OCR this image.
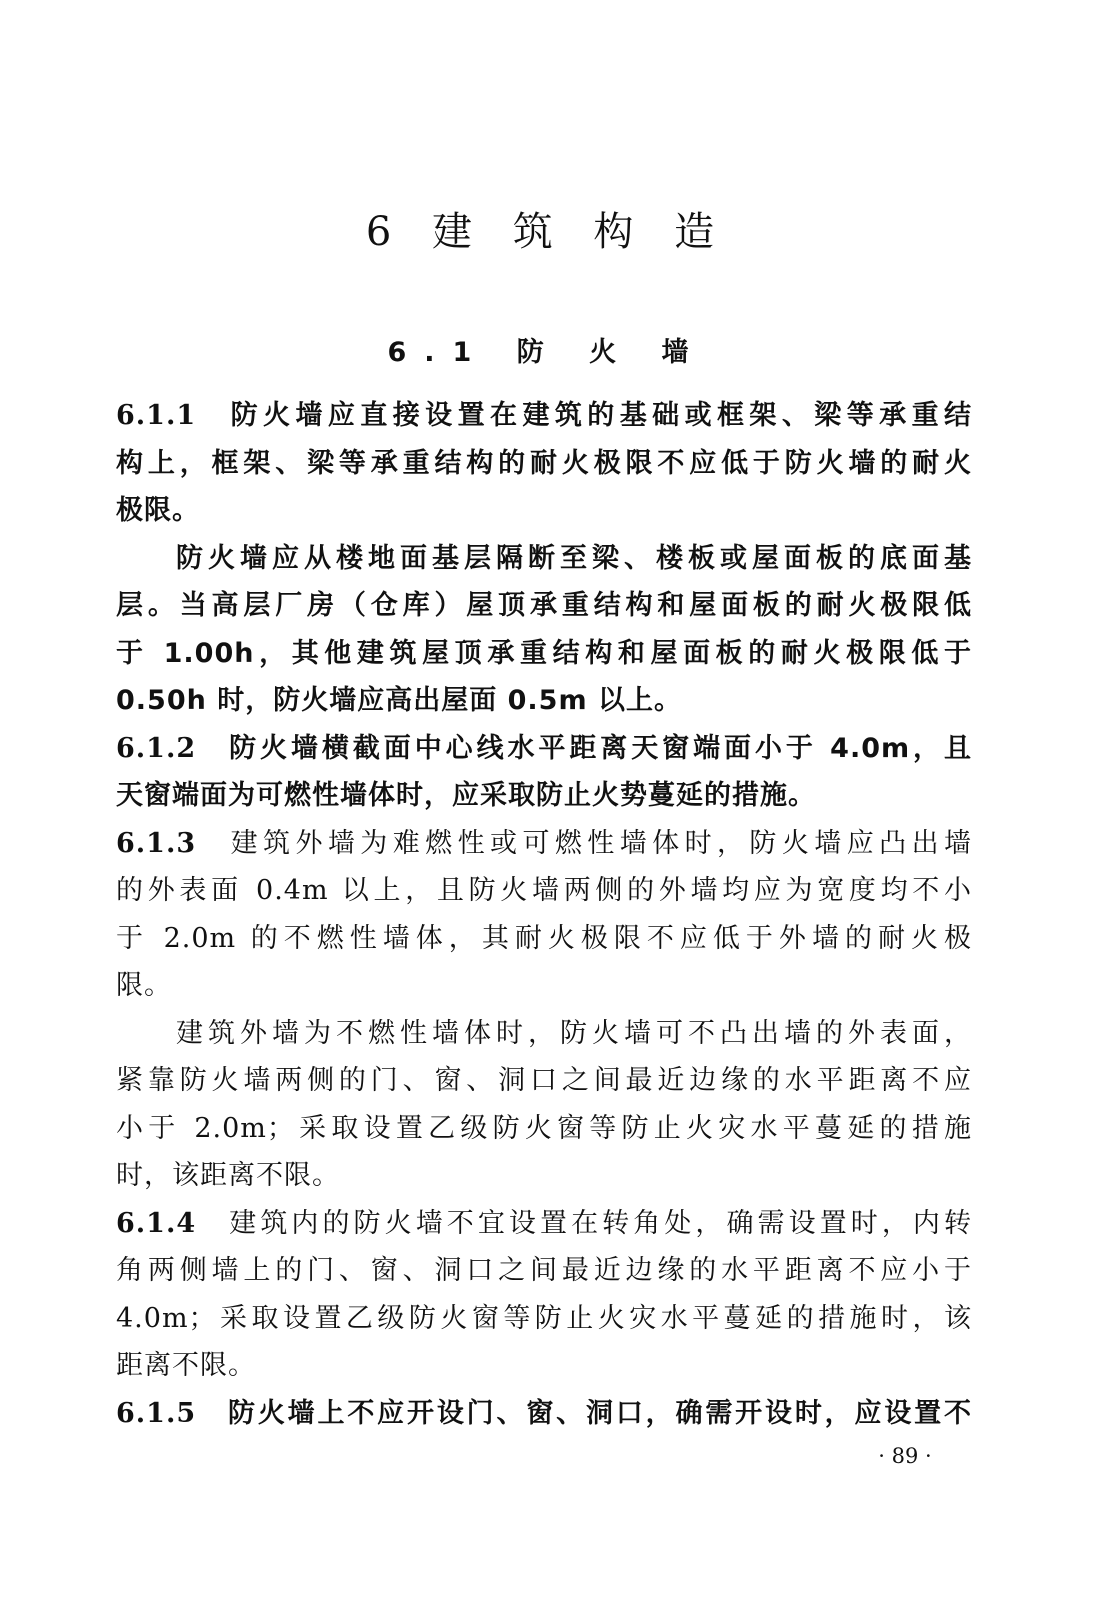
6 建 筑 构 造
6.1 防 火 墙
6.1.1 防火墙应直接设置在建筑的基础或框架、梁等承重结
构上，框架、梁等承重结构的耐火极限不应低于防火墙的耐火
极限。
防火墙应从楼地面基层隔断至梁、楼板或屋面板的底面基
层。当高层厂房（仓库）屋顶承重结构和屋面板的耐火极限低
于 1.00h，其他建筑屋顶承重结构和屋面板的耐火极限低于
0.50h 时，防火墙应高出屋面 0.5m 以上。
6.1.2 防火墙横截面中心线水平距离天窗端面小于 4.0m，且
天窗端面为可燃性墙体时，应采取防止火势蔓延的措施。
6.1.3 建筑外墙为难燃性或可燃性墙体时，防火墙应凸出墙
的外表面 0.4m 以上，且防火墙两侧的外墙均应为宽度均不小
于 2.0m 的不燃性墙体，其耐火极限不应低于外墙的耐火极
限。
建筑外墙为不燃性墙体时，防火墙可不凸出墙的外表面，
紧靠防火墙两侧的门、窗、洞口之间最近边缘的水平距离不应
小于 2.0m；采取设置乙级防火窗等防止火灾水平蔓延的措施
时，该距离不限。
6.1.4 建筑内的防火墙不宜设置在转角处，确需设置时，内转
角两侧墙上的门、窗、洞口之间最近边缘的水平距离不应小于
4.0m；采取设置乙级防火窗等防止火灾水平蔓延的措施时，该
距离不限。
6.1.5 防火墙上不应开设门、窗、洞口，确需开设时，应设置不
· 89 ·
